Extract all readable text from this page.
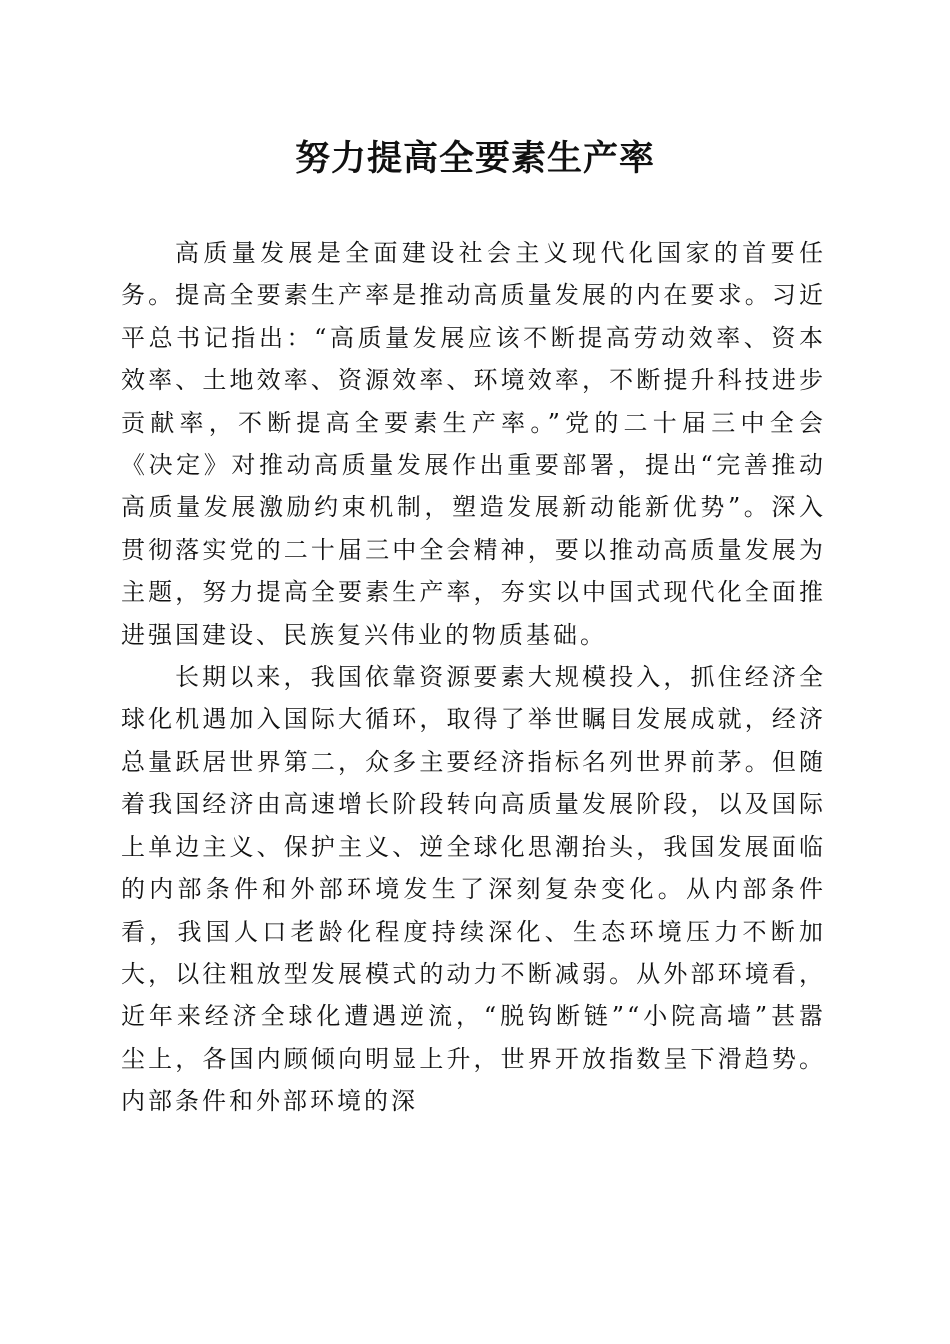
努力提高全要素生产率

高质量发展是全面建设社会主义现代化国家的首要任务。提高全要素生产率是推动高质量发展的内在要求。习近平总书记指出：“高质量发展应该不断提高劳动效率、资本效率、土地效率、资源效率、环境效率，不断提升科技进步贡献率，不断提高全要素生产率。”党的二十届三中全会《决定》对推动高质量发展作出重要部署，提出“完善推动高质量发展激励约束机制，塑造发展新动能新优势”。深入贯彻落实党的二十届三中全会精神，要以推动高质量发展为主题，努力提高全要素生产率，夯实以中国式现代化全面推进强国建设、民族复兴伟业的物质基础。

长期以来，我国依靠资源要素大规模投入，抓住经济全球化机遇加入国际大循环，取得了举世瞩目发展成就，经济总量跃居世界第二，众多主要经济指标名列世界前茅。但随着我国经济由高速增长阶段转向高质量发展阶段，以及国际上单边主义、保护主义、逆全球化思潮抬头，我国发展面临的内部条件和外部环境发生了深刻复杂变化。从内部条件看，我国人口老龄化程度持续深化、生态环境压力不断加大，以往粗放型发展模式的动力不断减弱。从外部环境看，近年来经济全球化遭遇逆流，“脱钩断链”“小院高墙”甚嚣尘上，各国内顾倾向明显上升，世界开放指数呈下滑趋势。内部条件和外部环境的深
